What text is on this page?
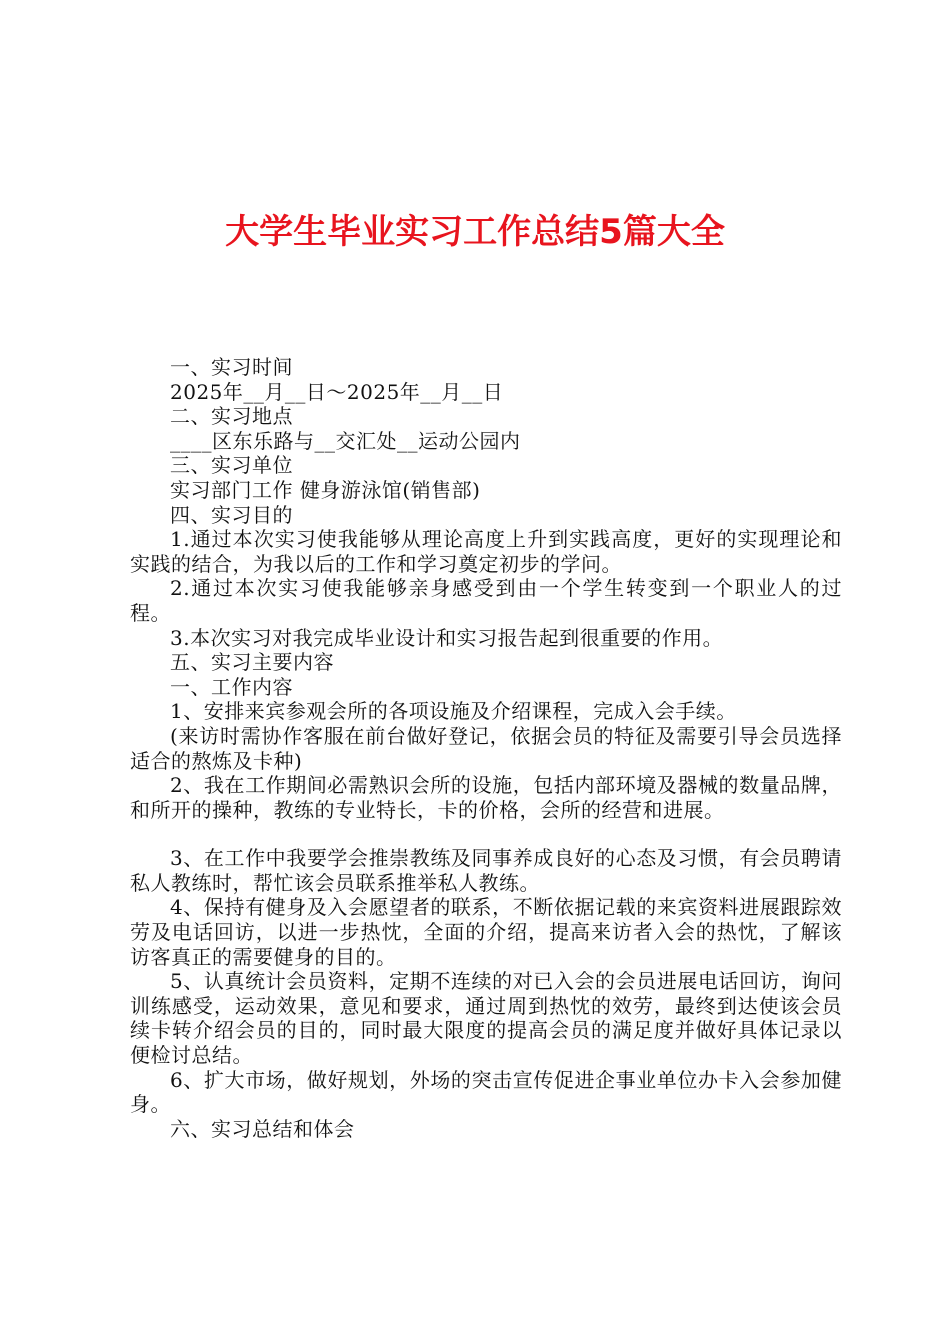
大学生毕业实习工作总结5篇大全

一、实习时间

2025年__月__日～2025年__月__日

二、实习地点

____区东乐路与__交汇处__运动公园内

三、实习单位

实习部门工作 健身游泳馆(销售部)

四、实习目的

1.通过本次实习使我能够从理论高度上升到实践高度，更好的实现理论和实践的结合，为我以后的工作和学习奠定初步的学问。

2.通过本次实习使我能够亲身感受到由一个学生转变到一个职业人的过程。

3.本次实习对我完成毕业设计和实习报告起到很重要的作用。

五、实习主要内容

一、工作内容

1、安排来宾参观会所的各项设施及介绍课程，完成入会手续。

(来访时需协作客服在前台做好登记，依据会员的特征及需要引导会员选择适合的熬炼及卡种)

2、我在工作期间必需熟识会所的设施，包括内部环境及器械的数量品牌，和所开的操种，教练的专业特长，卡的价格，会所的经营和进展。

3、在工作中我要学会推崇教练及同事养成良好的心态及习惯，有会员聘请私人教练时，帮忙该会员联系推举私人教练。

4、保持有健身及入会愿望者的联系，不断依据记载的来宾资料进展跟踪效劳及电话回访，以进一步热忱，全面的介绍，提高来访者入会的热忱，了解该访客真正的需要健身的目的。

5、认真统计会员资料，定期不连续的对已入会的会员进展电话回访，询问训练感受，运动效果，意见和要求，通过周到热忱的效劳，最终到达使该会员续卡转介绍会员的目的，同时最大限度的提高会员的满足度并做好具体记录以便检讨总结。

6、扩大市场，做好规划，外场的突击宣传促进企事业单位办卡入会参加健身。

六、实习总结和体会
